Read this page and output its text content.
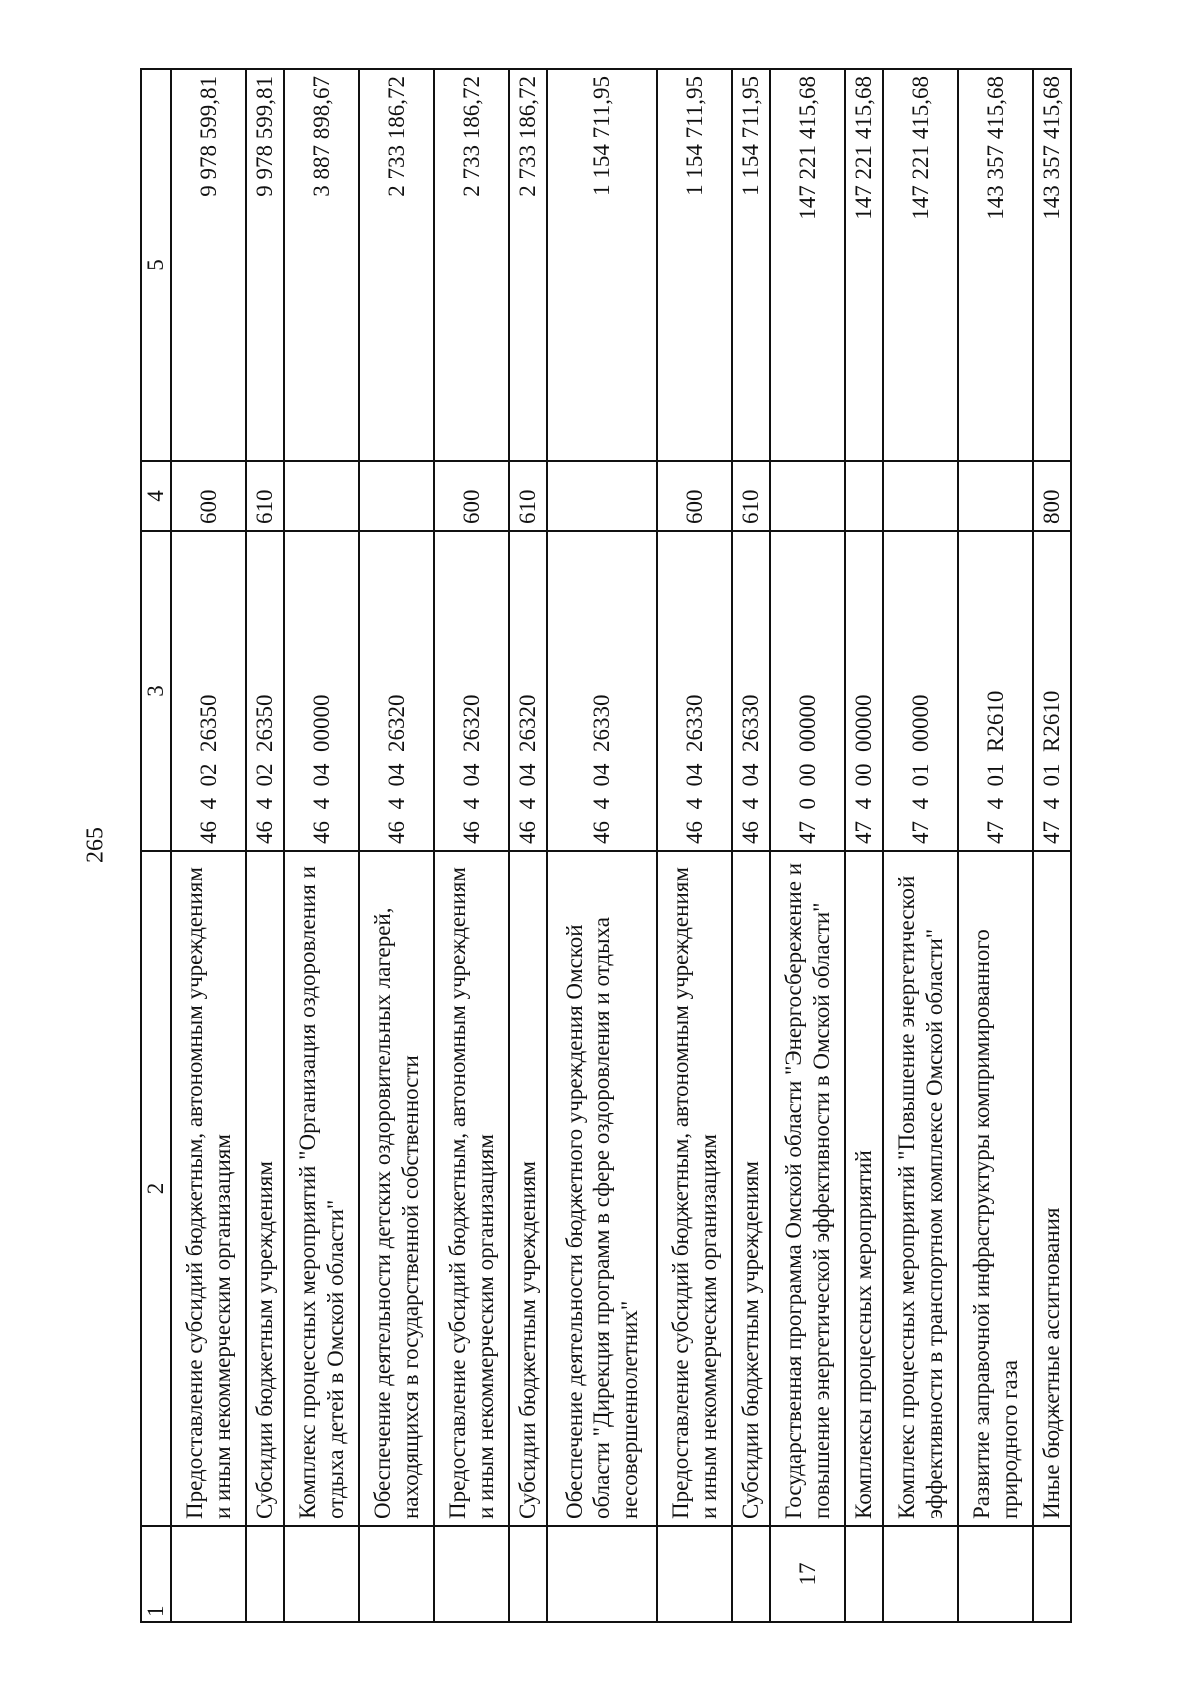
265
1	2	3	4	5
	Предоставление субсидий бюджетным, автономным учреждениям и иным некоммерческим организациям	46  4  02  26350	600	9 978 599,81
	Субсидии бюджетным учреждениям	46  4  02  26350	610	9 978 599,81
	Комплекс процессных мероприятий "Организация оздоровления и отдыха детей в Омской области"	46  4  04  00000		3 887 898,67
	Обеспечение деятельности детских оздоровительных лагерей, находящихся в государственной собственности	46  4  04  26320		2 733 186,72
	Предоставление субсидий бюджетным, автономным учреждениям и иным некоммерческим организациям	46  4  04  26320	600	2 733 186,72
	Субсидии бюджетным учреждениям	46  4  04  26320	610	2 733 186,72
	Обеспечение деятельности бюджетного учреждения Омской области "Дирекция программ в сфере оздоровления и отдыха несовершеннолетних"	46  4  04  26330		1 154 711,95
	Предоставление субсидий бюджетным, автономным учреждениям и иным некоммерческим организациям	46  4  04  26330	600	1 154 711,95
	Субсидии бюджетным учреждениям	46  4  04  26330	610	1 154 711,95
17	Государственная программа Омской области "Энергосбережение и повышение энергетической эффективности в Омской области"	47  0  00  00000		147 221 415,68
	Комплексы процессных мероприятий	47  4  00  00000		147 221 415,68
	Комплекс процессных мероприятий "Повышение энергетической эффективности в транспортном комплексе Омской области"	47  4  01  00000		147 221 415,68
	Развитие заправочной инфраструктуры компримированного природного газа	47  4  01  R2610		143 357 415,68
	Иные бюджетные ассигнования	47  4  01  R2610	800	143 357 415,68
